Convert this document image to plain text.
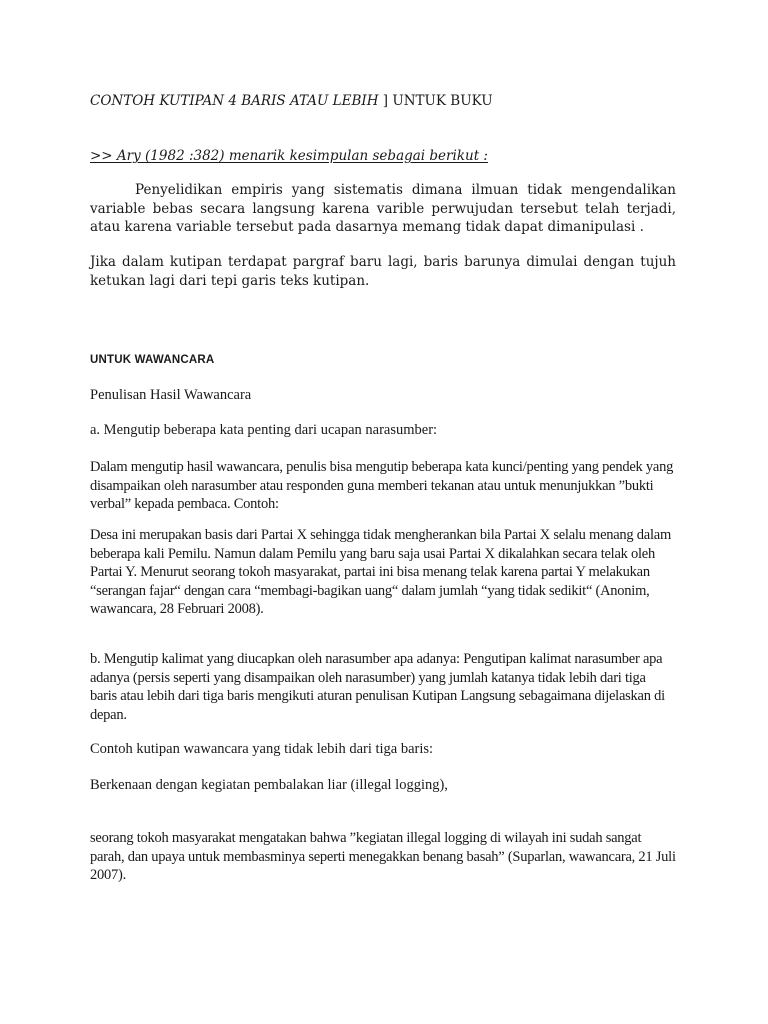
CONTOH KUTIPAN 4 BARIS ATAU LEBIH ] UNTUK BUKU

>> Ary (1982 :382) menarik kesimpulan sebagai berikut :

Penyelidikan empiris yang sistematis dimana ilmuan tidak mengendalikan variable bebas secara langsung karena varible perwujudan tersebut telah terjadi, atau karena variable tersebut pada dasarnya memang tidak dapat dimanipulasi .

Jika dalam kutipan terdapat pargraf baru lagi, baris barunya dimulai dengan tujuh ketukan lagi dari tepi garis teks kutipan.

UNTUK WAWANCARA

Penulisan Hasil Wawancara

a. Mengutip beberapa kata penting dari ucapan narasumber:

Dalam mengutip hasil wawancara, penulis bisa mengutip beberapa kata kunci/penting yang pendek yang disampaikan oleh narasumber atau responden guna memberi tekanan atau untuk menunjukkan ”bukti verbal” kepada pembaca. Contoh:

Desa ini merupakan basis dari Partai X sehingga tidak mengherankan bila Partai X selalu menang dalam beberapa kali Pemilu. Namun dalam Pemilu yang baru saja usai Partai X dikalahkan secara telak oleh Partai Y. Menurut seorang tokoh masyarakat, partai ini bisa menang telak karena partai Y melakukan “serangan fajar“ dengan cara “membagi-bagikan uang“ dalam jumlah “yang tidak sedikit“ (Anonim, wawancara, 28 Februari 2008).

b. Mengutip kalimat yang diucapkan oleh narasumber apa adanya: Pengutipan kalimat narasumber apa adanya (persis seperti yang disampaikan oleh narasumber) yang jumlah katanya tidak lebih dari tiga baris atau lebih dari tiga baris mengikuti aturan penulisan Kutipan Langsung sebagaimana dijelaskan di depan.

Contoh kutipan wawancara yang tidak lebih dari tiga baris:

Berkenaan dengan kegiatan pembalakan liar (illegal logging),

seorang tokoh masyarakat mengatakan bahwa ”kegiatan illegal logging di wilayah ini sudah sangat parah, dan upaya untuk membasminya seperti menegakkan benang basah” (Suparlan, wawancara, 21 Juli 2007).
